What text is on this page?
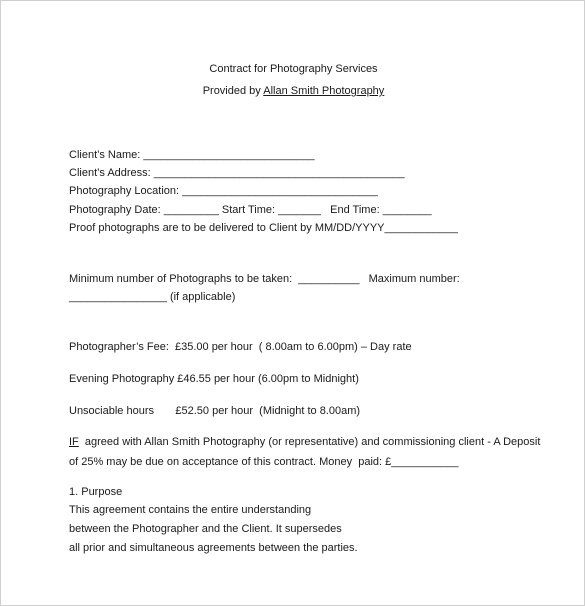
Contract for Photography Services
Provided by Allan Smith Photography
Client’s Name: ____________________________
Client’s Address: _________________________________________
Photography Location: ________________________________
Photography Date: _________ Start Time: _______   End Time: ________
Proof photographs are to be delivered to Client by MM/DD/YYYY____________
Minimum number of Photographs to be taken:  __________   Maximum number:
________________ (if applicable)
Photographer’s Fee:  £35.00 per hour  ( 8.00am to 6.00pm) – Day rate
Evening Photography £46.55 per hour (6.00pm to Midnight)
Unsociable hours       £52.50 per hour  (Midnight to 8.00am)
IF  agreed with Allan Smith Photography (or representative) and commissioning client - A Deposit
of 25% may be due on acceptance of this contract. Money  paid: £___________
1. Purpose
This agreement contains the entire understanding
between the Photographer and the Client. It supersedes
all prior and simultaneous agreements between the parties.
